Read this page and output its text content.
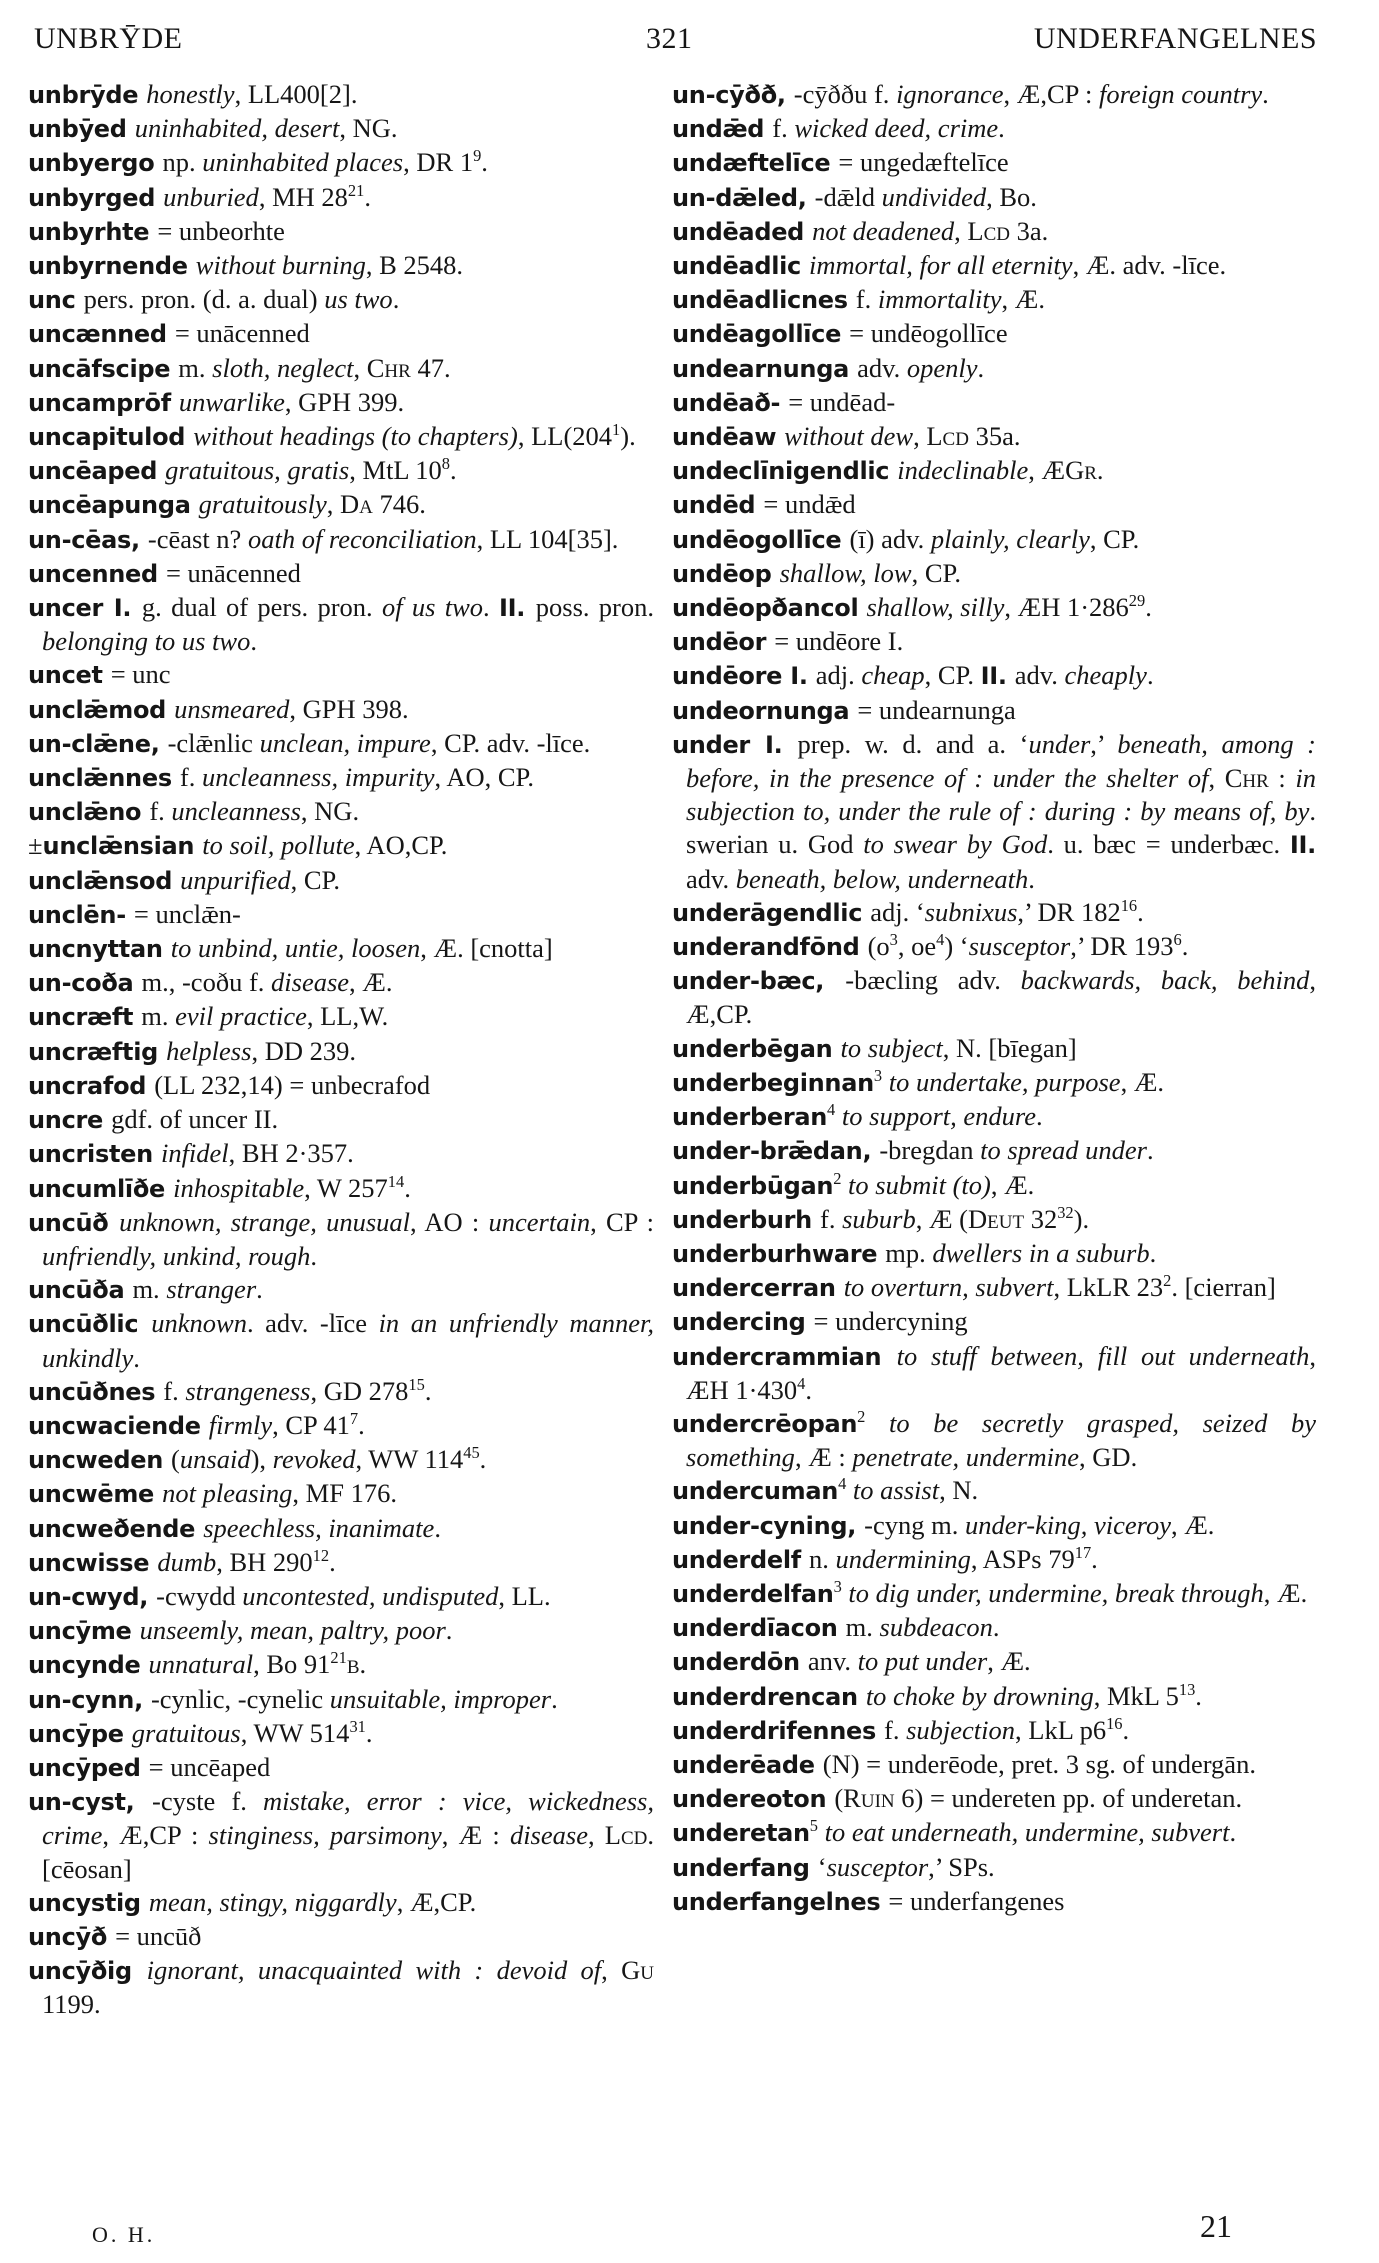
UNBRȲDE	321	UNDERFANGELNES

unbrȳde honestly, LL400[2].

unbȳed uninhabited, desert, NG.

unbyergo np. uninhabited places, DR $1^9$.

unbyrged unburied, MH $28^{21}$.

unbyrhte = unbeorhte

unbyrnende without burning, B 2548.

unc pers. pron. (d. a. dual) us two.

uncænned = unācenned

uncāfscipe m. sloth, neglect, Chr 47.

uncamprōf unwarlike, GPH 399.

uncapitulod without headings (to chapters), $LL(204^1)$.

uncēaped gratuitous, gratis, MtL $10^8$.

uncēapunga gratuitously, Da 746.

un-cēas, -cēast n? oath of reconciliation, LL 104[35].

uncenned = unācenned

uncer I. g. dual of pers. pron. of us two. II. poss. pron. belonging to us two.

uncet = unc

unclǣmod unsmeared, GPH 398.

un-clǣne, -clǣnlic unclean, impure, CP. adv. -līce.

unclǣnnes f. uncleanness, impurity, AO, CP.

unclǣno f. uncleanness, NG.

±unclǣnsian to soil, pollute, AO,CP.

unclǣnsod unpurified, CP.

unclēn- = unclǣn-

uncnyttan to unbind, untie, loosen, Æ. [cnotta]

un-coða m., -coðu f. disease, Æ.

uncræft m. evil practice, LL,W.

uncræftig helpless, DD 239.

uncrafod (LL 232,14) = unbecrafod

uncre gdf. of uncer II.

uncristen infidel, BH 2·357.

uncumlīðe inhospitable, W $257^{14}$.

uncūð unknown, strange, unusual, AO : uncertain, CP : unfriendly, unkind, rough.

uncūða m. stranger.

uncūðlic unknown. adv. -līce in an unfriendly manner, unkindly.

uncūðnes f. strangeness, GD $278^{15}$.

uncwaciende firmly, CP $41^7$.

uncweden (unsaid), revoked, WW $114^{45}$.

uncwēme not pleasing, MF 176.

uncweðende speechless, inanimate.

uncwisse dumb, BH $290^{12}$.

un-cwyd, -cwydd uncontested, undisputed, LL.

uncȳme unseemly, mean, paltry, poor.

uncynde unnatural, Bo $91^{21}b$.

un-cynn, -cynlic, -cynelic unsuitable, improper.

uncȳpe gratuitous, WW $514^{31}$.

uncȳped = uncēaped

un-cyst, -cyste f. mistake, error : vice, wickedness, crime, Æ,CP : stinginess, parsimony, Æ : disease, Lcd. [cēosan]

uncystig mean, stingy, niggardly, Æ,CP.

uncȳð = uncūð

uncȳðig ignorant, unacquainted with : devoid of, Gu 1199.

un-cȳðð, -cȳððu f. ignorance, Æ,CP : foreign country.

undǣd f. wicked deed, crime.

undæftelīce = ungedæftelīce

un-dǣled, -dǣld undivided, Bo.

undēaded not deadened, Lcd 3a.

undēadlic immortal, for all eternity, Æ. adv. -līce.

undēadlicnes f. immortality, Æ.

undēagollīce = undēogollīce

undearnunga adv. openly.

undēað- = undēad-

undēaw without dew, Lcd 35a.

undeclīnigendlic indeclinable, ÆGr.

undēd = undǣd

undēogollīce (ī) adv. plainly, clearly, CP.

undēop shallow, low, CP.

undēopðancol shallow, silly, ÆH $1\cdot 286^{29}$.

undēor = undēore I.

undēore I. adj. cheap, CP. II. adv. cheaply.

undeornunga = undearnunga

under I. prep. w. d. and a. ‘under,’ beneath, among : before, in the presence of : under the shelter of, Chr : in subjection to, under the rule of : during : by means of, by. swerian u. God to swear by God. u. bæc = underbæc. II. adv. beneath, below, underneath.

underāgendlic adj. ‘subnixus,’ DR $182^{16}$.

underandfōnd ($o^3$, $oe^4$) ‘susceptor,’ DR $193^6$.

under-bæc, -bæcling adv. backwards, back, behind, Æ,CP.

underbēgan to subject, N. [bīegan]

underbeginnan$^3$ to undertake, purpose, Æ.

underberan$^4$ to support, endure.

under-brǣdan, -bregdan to spread under.

underbūgan$^2$ to submit (to), Æ.

underburh f. suburb, Æ (Deut $32^{32}$).

underburhware mp. dwellers in a suburb.

undercerran to overturn, subvert, LkLR $23^2$. [cierran]

undercing = undercyning

undercrammian to stuff between, fill out underneath, ÆH $1\cdot 430^4$.

undercrēopan$^2$ to be secretly grasped, seized by something, Æ : penetrate, undermine, GD.

undercuman$^4$ to assist, N.

under-cyning, -cyng m. under-king, viceroy, Æ.

underdelf n. undermining, ASPs $79^{17}$.

underdelfan$^3$ to dig under, undermine, break through, Æ.

underdīacon m. subdeacon.

underdōn anv. to put under, Æ.

underdrencan to choke by drowning, MkL $5^{13}$.

underdrifennes f. subjection, LkL $p6^{16}$.

underēade (N) = underēode, pret. 3 sg. of undergān.

undereoton (Ruin 6) = undereten pp. of underetan.

underetan$^5$ to eat underneath, undermine, subvert.

underfang ‘susceptor,’ SPs.

underfangelnes = underfangenes

O. H.	21
